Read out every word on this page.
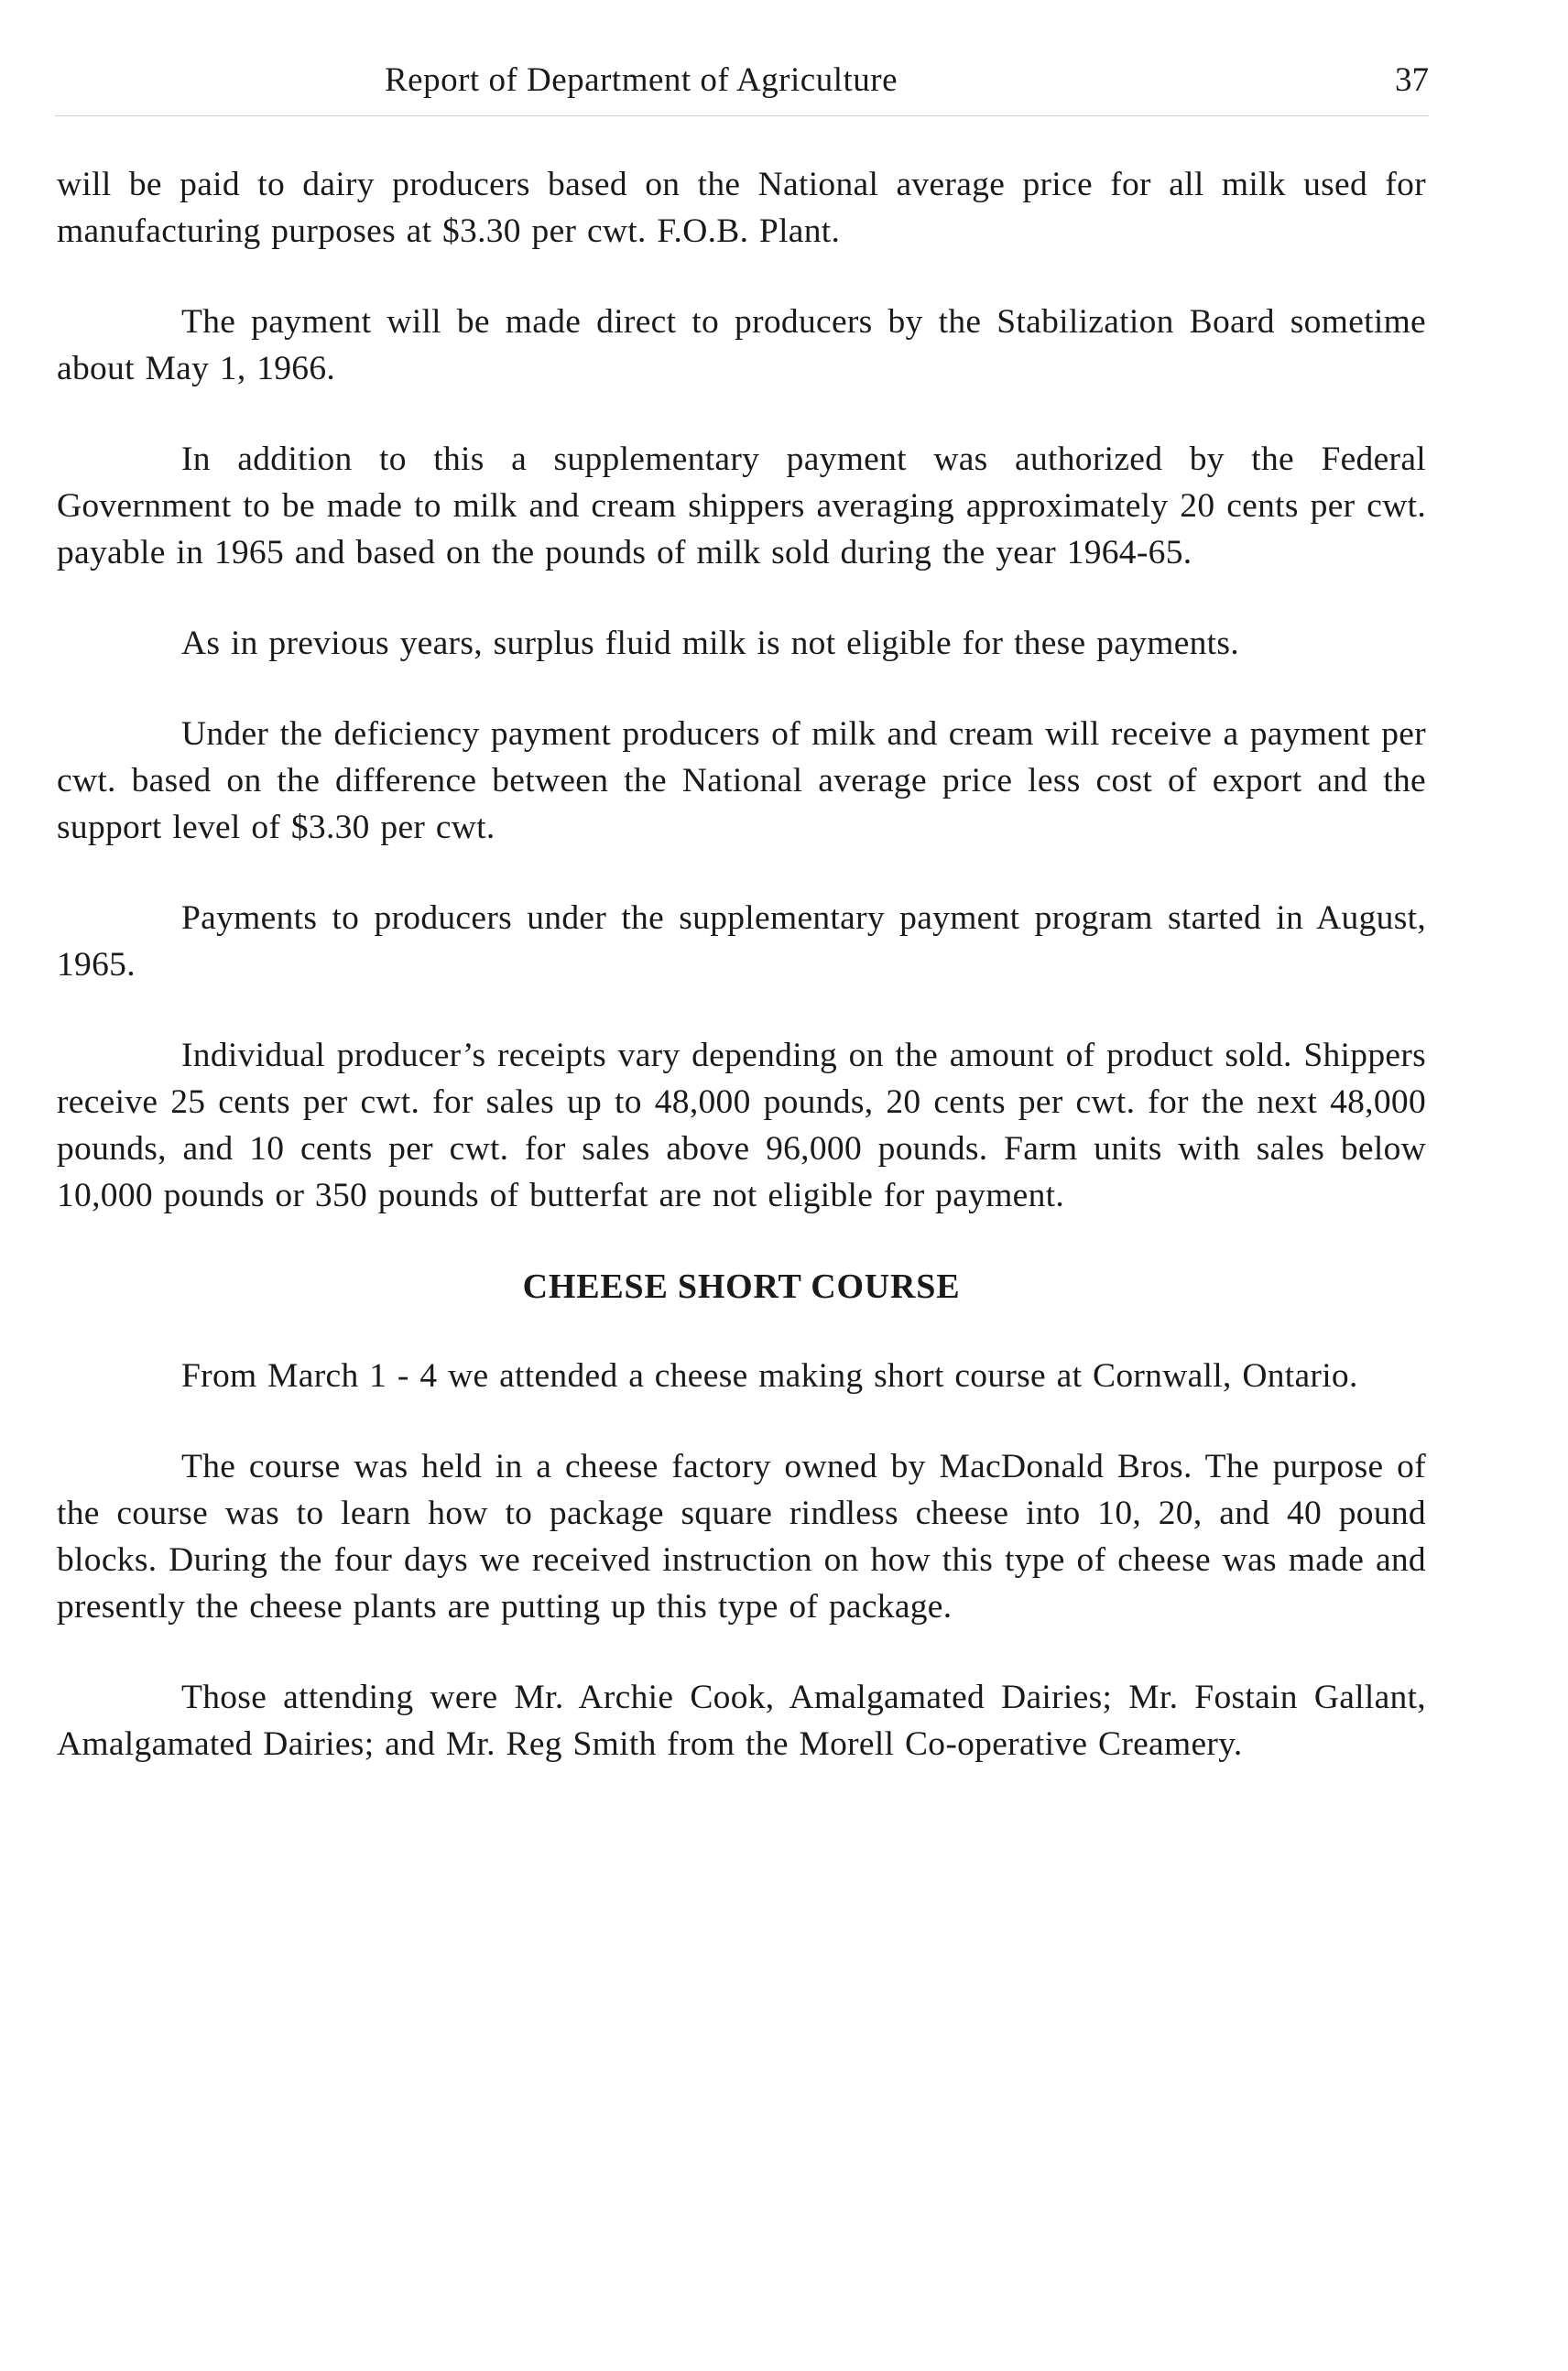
Report of Department of Agriculture	37

will be paid to dairy producers based on the National average price for all milk used for manufacturing purposes at $3.30 per cwt. F.O.B. Plant.

The payment will be made direct to producers by the Stabilization Board sometime about May 1, 1966.

In addition to this a supplementary payment was authorized by the Federal Government to be made to milk and cream shippers averaging approximately 20 cents per cwt. payable in 1965 and based on the pounds of milk sold during the year 1964-65.

As in previous years, surplus fluid milk is not eligible for these payments.

Under the deficiency payment producers of milk and cream will receive a payment per cwt. based on the difference between the National average price less cost of export and the support level of $3.30 per cwt.

Payments to producers under the supplementary payment program started in August, 1965.

Individual producer’s receipts vary depending on the amount of product sold. Shippers receive 25 cents per cwt. for sales up to 48,000 pounds, 20 cents per cwt. for the next 48,000 pounds, and 10 cents per cwt. for sales above 96,000 pounds. Farm units with sales below 10,000 pounds or 350 pounds of butterfat are not eligible for payment.

CHEESE SHORT COURSE

From March 1 - 4 we attended a cheese making short course at Cornwall, Ontario.

The course was held in a cheese factory owned by MacDonald Bros. The purpose of the course was to learn how to package square rindless cheese into 10, 20, and 40 pound blocks. During the four days we received instruction on how this type of cheese was made and presently the cheese plants are putting up this type of package.

Those attending were Mr. Archie Cook, Amalgamated Dairies; Mr. Fostain Gallant, Amalgamated Dairies; and Mr. Reg Smith from the Morell Co-operative Creamery.
